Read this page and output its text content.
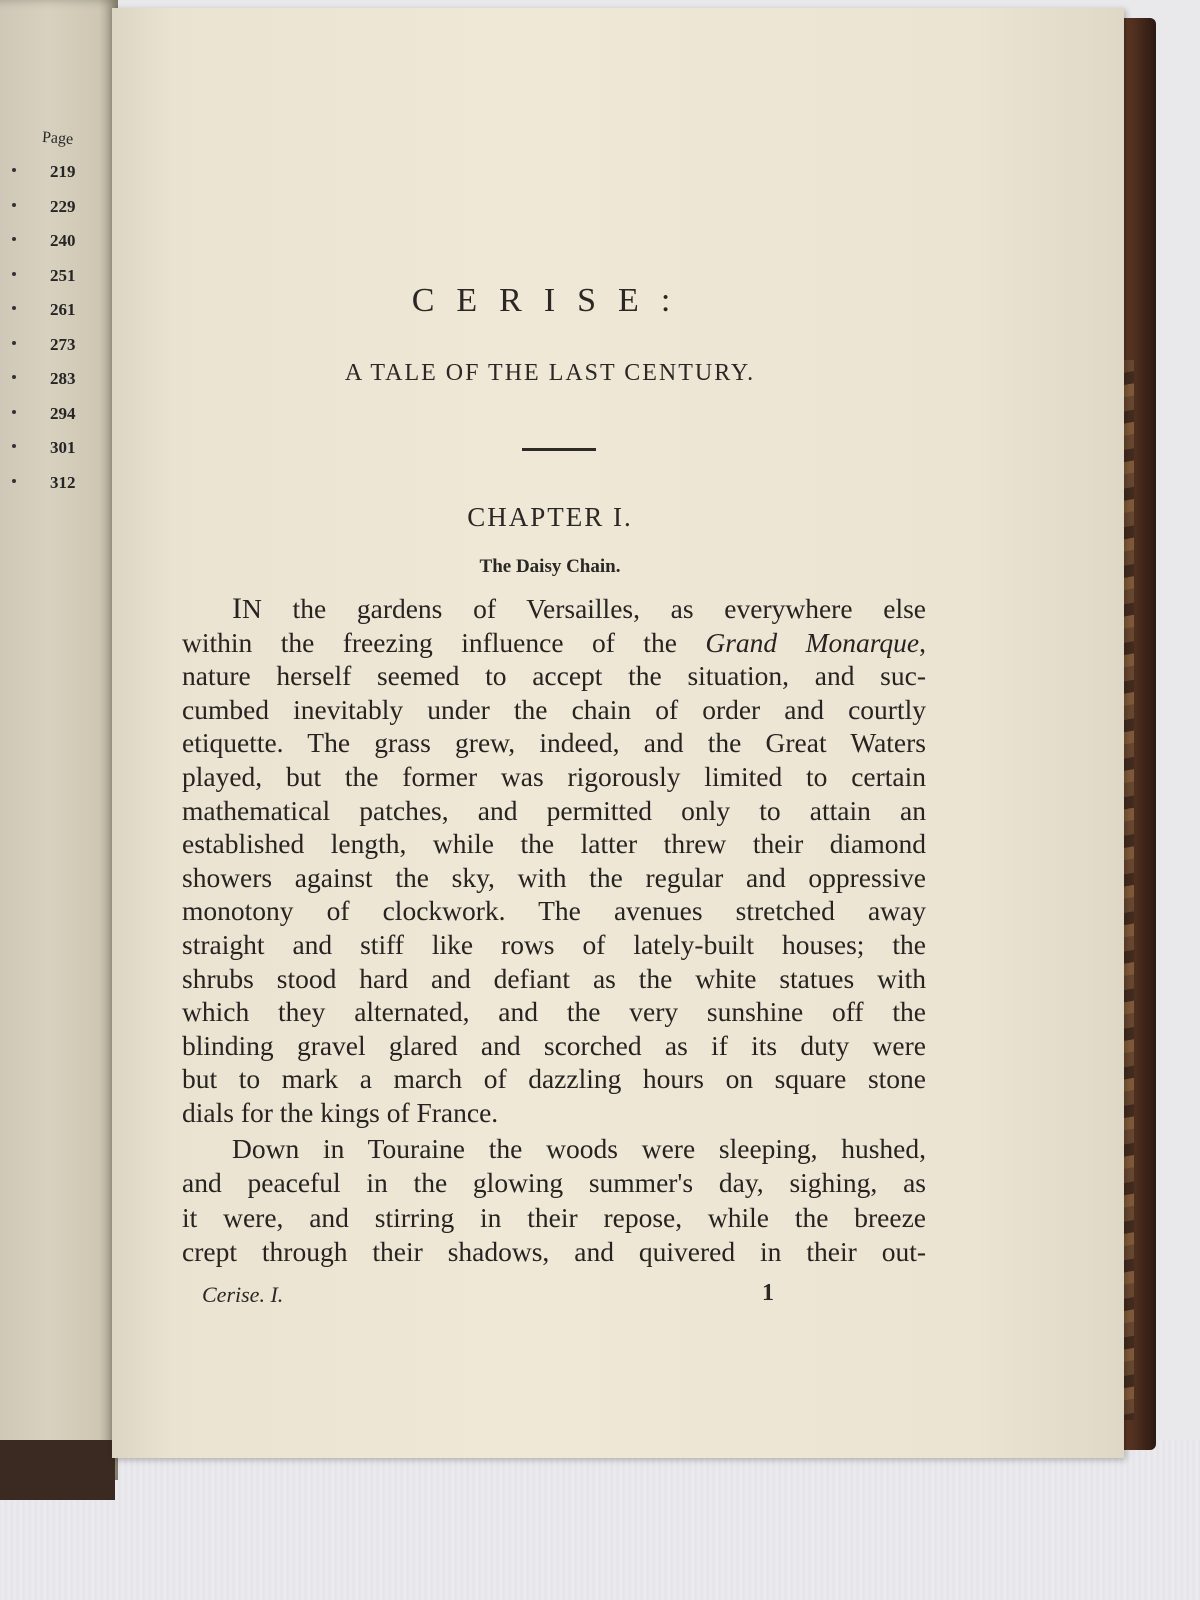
Page
219
229
240
251
261
273
283
294
301
312
CERISE:
A TALE OF THE LAST CENTURY.
CHAPTER I.
The Daisy Chain.
IN the gardens of Versailles, as everywhere else
within the freezing influence of the Grand Monarque,
nature herself seemed to accept the situation, and suc-
cumbed inevitably under the chain of order and courtly
etiquette. The grass grew, indeed, and the Great Waters
played, but the former was rigorously limited to certain
mathematical patches, and permitted only to attain an
established length, while the latter threw their diamond
showers against the sky, with the regular and oppressive
monotony of clockwork. The avenues stretched away
straight and stiff like rows of lately-built houses; the
shrubs stood hard and defiant as the white statues with
which they alternated, and the very sunshine off the
blinding gravel glared and scorched as if its duty were
but to mark a march of dazzling hours on square stone
dials for the kings of France.
Down in Touraine the woods were sleeping, hushed,
and peaceful in the glowing summer's day, sighing, as
it were, and stirring in their repose, while the breeze
crept through their shadows, and quivered in their out-
Cerise. I.	1
